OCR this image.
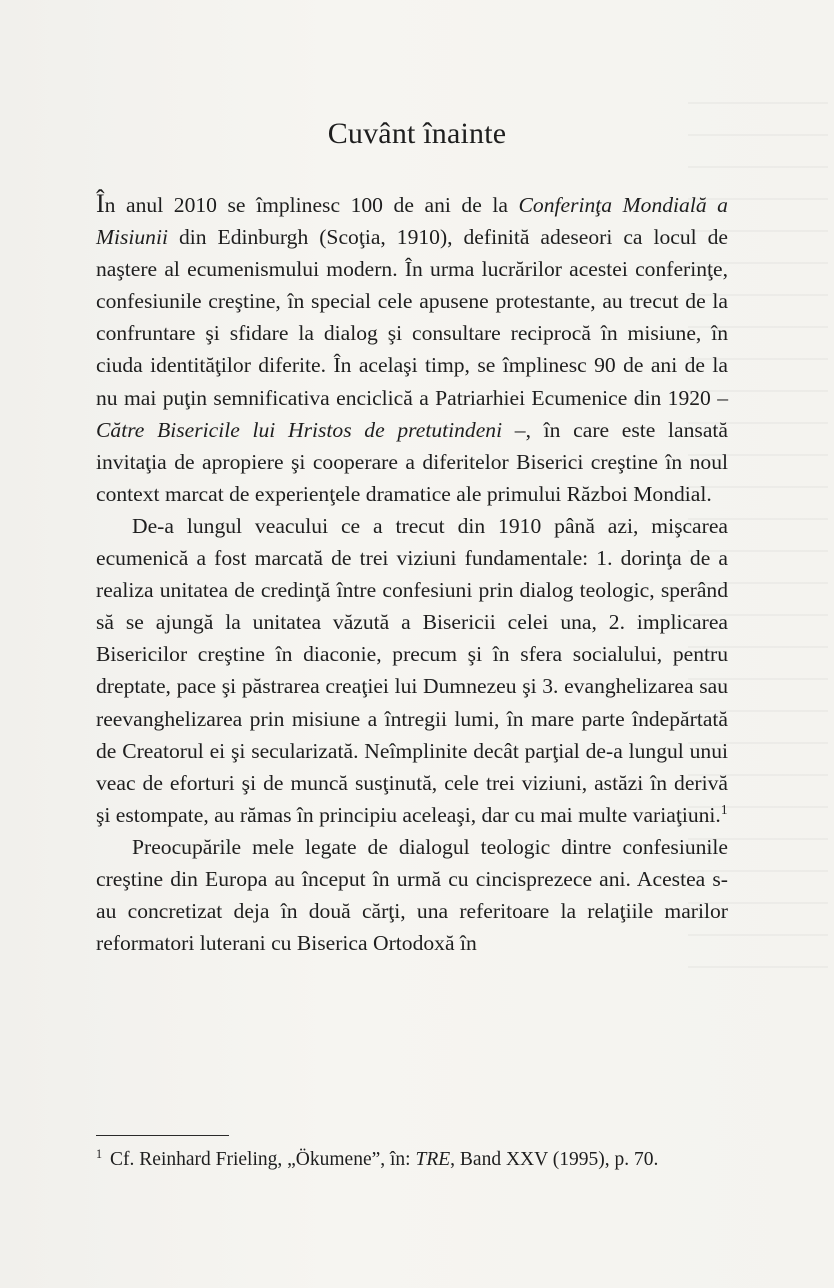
Cuvânt înainte

În anul 2010 se împlinesc 100 de ani de la Conferinţa Mondială a Misiunii din Edinburgh (Scoţia, 1910), definită adeseori ca locul de naştere al ecumenismului modern. În urma lucrărilor acestei conferinţe, confesiunile creştine, în special cele apusene protestante, au trecut de la confruntare şi sfidare la dialog şi consultare reciprocă în misiune, în ciuda identităţilor diferite. În acelaşi timp, se împlinesc 90 de ani de la nu mai puţin semnificativa enciclică a Patriarhiei Ecumenice din 1920 – Către Bisericile lui Hristos de pretutindeni –, în care este lansată invitaţia de apropiere şi cooperare a diferitelor Biserici creştine în noul context marcat de experienţele dramatice ale primului Război Mondial.

De-a lungul veacului ce a trecut din 1910 până azi, mişcarea ecumenică a fost marcată de trei viziuni fundamentale: 1. dorinţa de a realiza unitatea de credinţă între confesiuni prin dialog teologic, sperând să se ajungă la unitatea văzută a Bisericii celei una, 2. implicarea Bisericilor creştine în diaconie, precum şi în sfera socialului, pentru dreptate, pace şi păstrarea creaţiei lui Dumnezeu şi 3. evanghelizarea sau reevanghelizarea prin misiune a întregii lumi, în mare parte îndepărtată de Creatorul ei şi secularizată. Neîmplinite decât parţial de-a lungul unui veac de eforturi şi de muncă susţinută, cele trei viziuni, astăzi în derivă şi estompate, au rămas în principiu aceleaşi, dar cu mai multe variaţiuni.$^1$

Preocupările mele legate de dialogul teologic dintre confesiunile creştine din Europa au început în urmă cu cincisprezece ani. Acestea s-au concretizat deja în două cărţi, una referitoare la relaţiile marilor reformatori luterani cu Biserica Ortodoxă în

$^1$ Cf. Reinhard Frieling, „Ökumene”, în: TRE, Band XXV (1995), p. 70.
